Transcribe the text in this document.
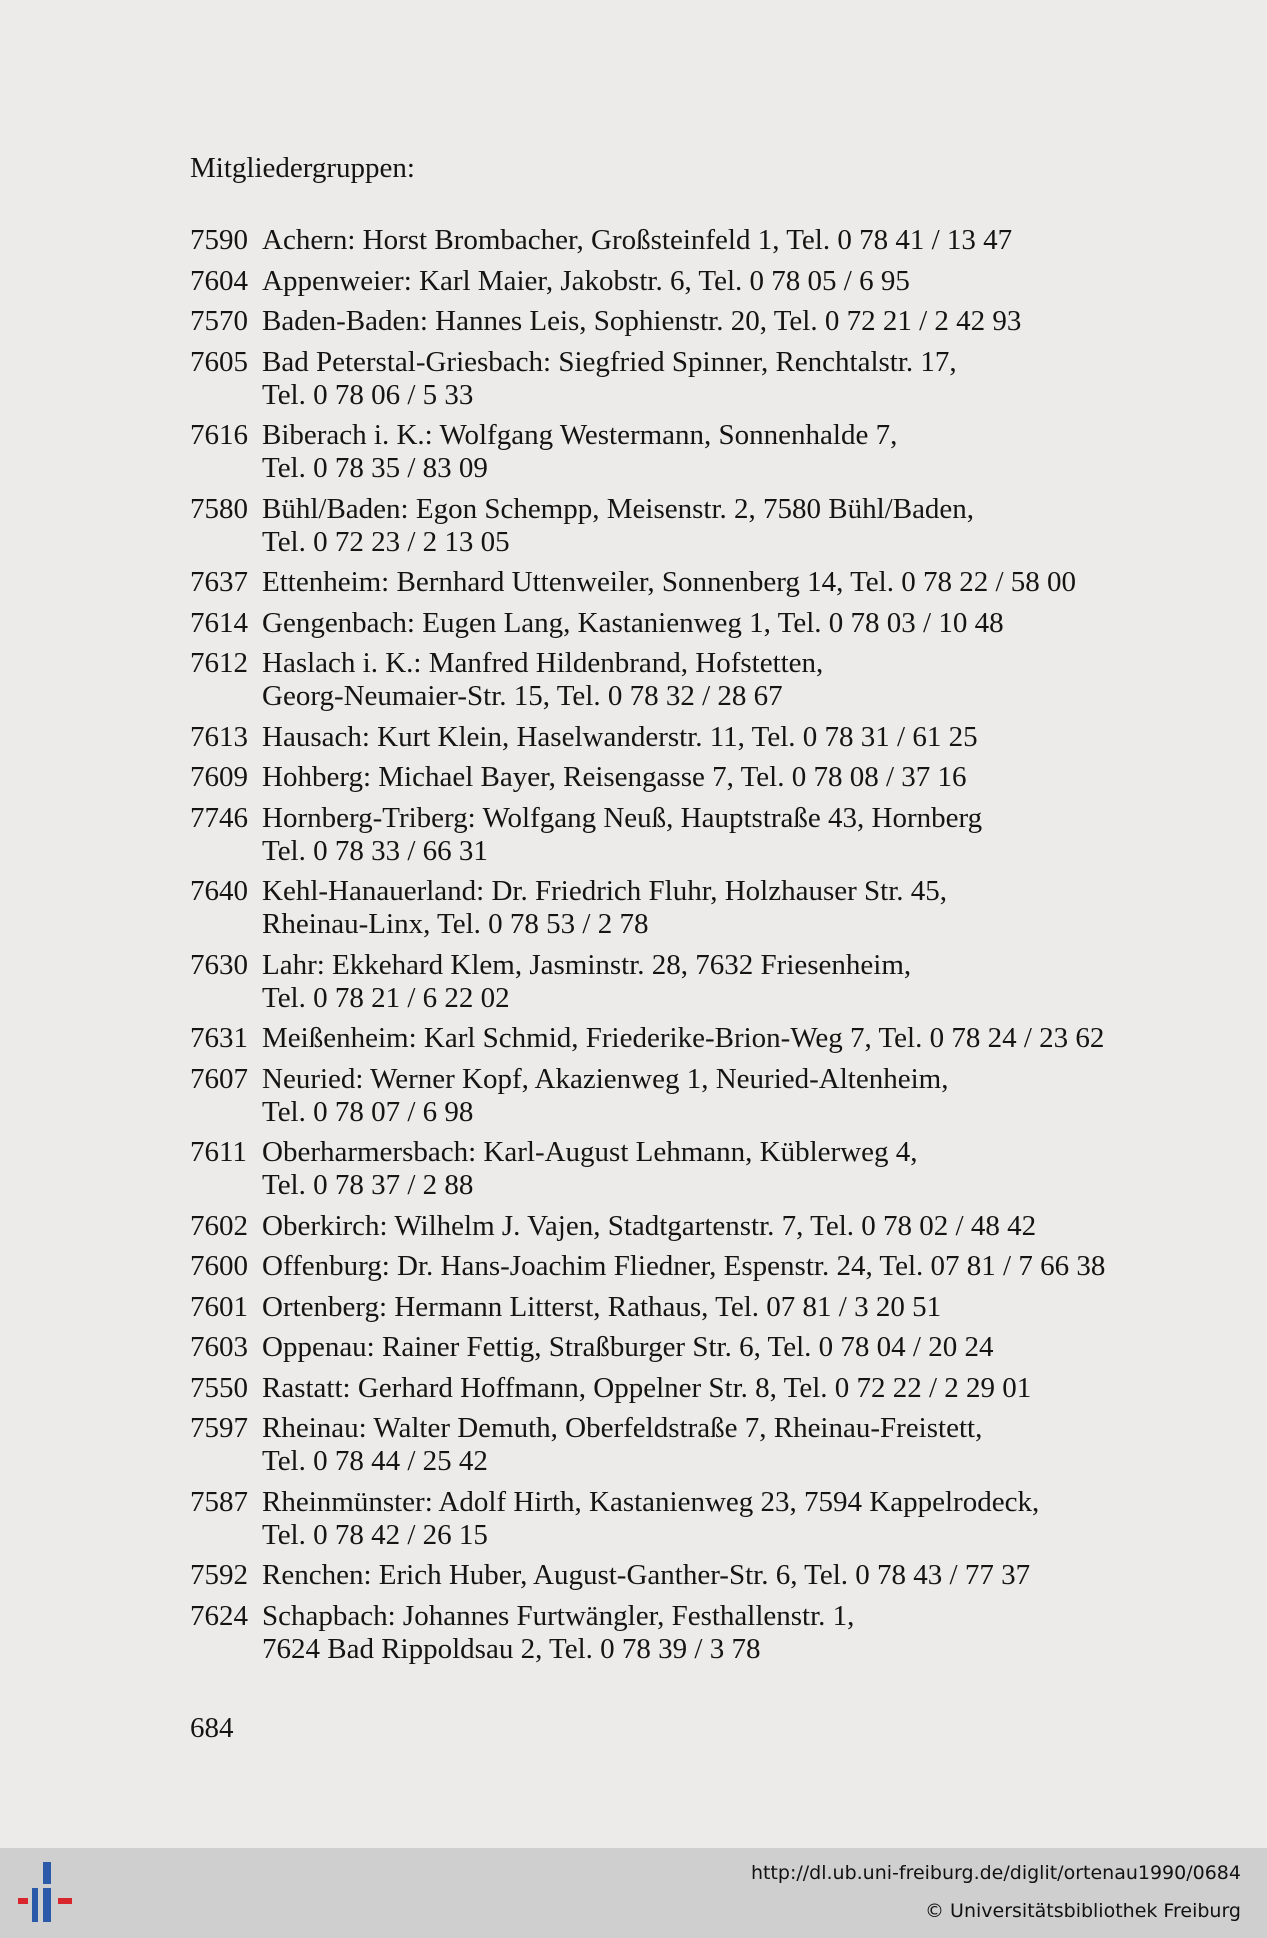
Mitgliedergruppen:
7590 Achern: Horst Brombacher, Großsteinfeld 1, Tel. 0 78 41 / 13 47
7604 Appenweier: Karl Maier, Jakobstr. 6, Tel. 0 78 05 / 6 95
7570 Baden-Baden: Hannes Leis, Sophienstr. 20, Tel. 0 72 21 / 2 42 93
7605 Bad Peterstal-Griesbach: Siegfried Spinner, Renchtalstr. 17,
Tel. 0 78 06 / 5 33
7616 Biberach i. K.: Wolfgang Westermann, Sonnenhalde 7,
Tel. 0 78 35 / 83 09
7580 Bühl/Baden: Egon Schempp, Meisenstr. 2, 7580 Bühl/Baden,
Tel. 0 72 23 / 2 13 05
7637 Ettenheim: Bernhard Uttenweiler, Sonnenberg 14, Tel. 0 78 22 / 58 00
7614 Gengenbach: Eugen Lang, Kastanienweg 1, Tel. 0 78 03 / 10 48
7612 Haslach i. K.: Manfred Hildenbrand, Hofstetten,
Georg-Neumaier-Str. 15, Tel. 0 78 32 / 28 67
7613 Hausach: Kurt Klein, Haselwanderstr. 11, Tel. 0 78 31 / 61 25
7609 Hohberg: Michael Bayer, Reisengasse 7, Tel. 0 78 08 / 37 16
7746 Hornberg-Triberg: Wolfgang Neuß, Hauptstraße 43, Hornberg
Tel. 0 78 33 / 66 31
7640 Kehl-Hanauerland: Dr. Friedrich Fluhr, Holzhauser Str. 45,
Rheinau-Linx, Tel. 0 78 53 / 2 78
7630 Lahr: Ekkehard Klem, Jasminstr. 28, 7632 Friesenheim,
Tel. 0 78 21 / 6 22 02
7631 Meißenheim: Karl Schmid, Friederike-Brion-Weg 7, Tel. 0 78 24 / 23 62
7607 Neuried: Werner Kopf, Akazienweg 1, Neuried-Altenheim,
Tel. 0 78 07 / 6 98
7611 Oberharmersbach: Karl-August Lehmann, Küblerweg 4,
Tel. 0 78 37 / 2 88
7602 Oberkirch: Wilhelm J. Vajen, Stadtgartenstr. 7, Tel. 0 78 02 / 48 42
7600 Offenburg: Dr. Hans-Joachim Fliedner, Espenstr. 24, Tel. 07 81 / 7 66 38
7601 Ortenberg: Hermann Litterst, Rathaus, Tel. 07 81 / 3 20 51
7603 Oppenau: Rainer Fettig, Straßburger Str. 6, Tel. 0 78 04 / 20 24
7550 Rastatt: Gerhard Hoffmann, Oppelner Str. 8, Tel. 0 72 22 / 2 29 01
7597 Rheinau: Walter Demuth, Oberfeldstraße 7, Rheinau-Freistett,
Tel. 0 78 44 / 25 42
7587 Rheinmünster: Adolf Hirth, Kastanienweg 23, 7594 Kappelrodeck,
Tel. 0 78 42 / 26 15
7592 Renchen: Erich Huber, August-Ganther-Str. 6, Tel. 0 78 43 / 77 37
7624 Schapbach: Johannes Furtwängler, Festhallenstr. 1,
7624 Bad Rippoldsau 2, Tel. 0 78 39 / 3 78
684
http://dl.ub.uni-freiburg.de/diglit/ortenau1990/0684
© Universitätsbibliothek Freiburg
